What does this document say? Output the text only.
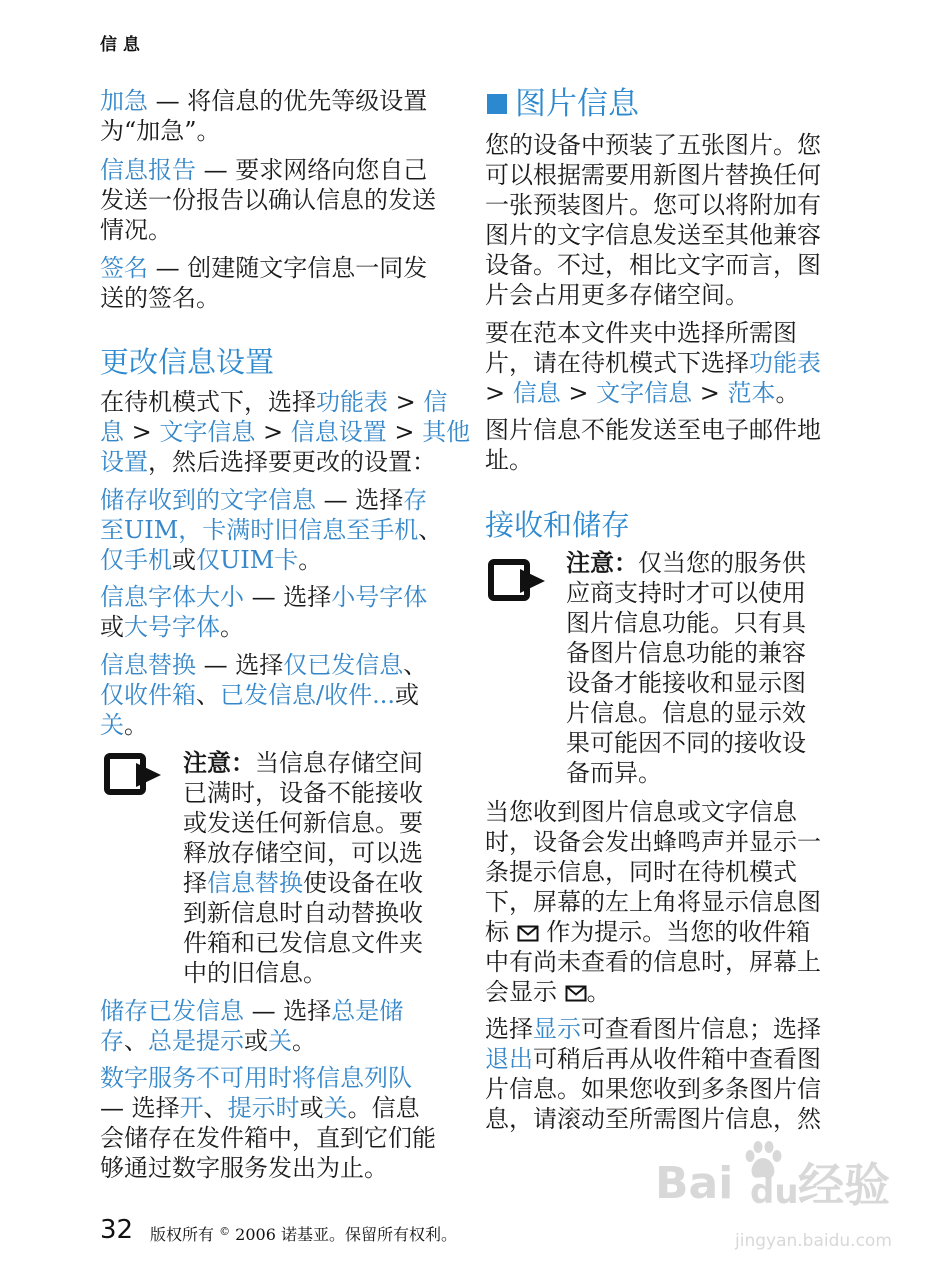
信 息
加急 — 将信息的优先等级设置
为“加急”。
信息报告 — 要求网络向您自己
发送一份报告以确认信息的发送
情况。
签名 — 创建随文字信息一同发
送的签名。
更改信息设置
在待机模式下，选择功能表 > 信
息 > 文字信息 > 信息设置 > 其他
设置，然后选择要更改的设置：
储存收到的文字信息 — 选择存
至UIM，卡满时旧信息至手机、
仅手机或仅UIM卡。
信息字体大小 — 选择小号字体
或大号字体。
信息替换 — 选择仅已发信息、
仅收件箱、已发信息/收件...或
关。
注意：当信息存储空间
已满时，设备不能接收
或发送任何新信息。要
释放存储空间，可以选
择信息替换使设备在收
到新信息时自动替换收
件箱和已发信息文件夹
中的旧信息。
储存已发信息 — 选择总是储
存、总是提示或关。
数字服务不可用时将信息列队
— 选择开、提示时或关。信息
会储存在发件箱中，直到它们能
够通过数字服务发出为止。
图片信息
您的设备中预装了五张图片。您
可以根据需要用新图片替换任何
一张预装图片。您可以将附加有
图片的文字信息发送至其他兼容
设备。不过，相比文字而言，图
片会占用更多存储空间。
要在范本文件夹中选择所需图
片，请在待机模式下选择功能表
> 信息 > 文字信息 > 范本。
图片信息不能发送至电子邮件地
址。
接收和储存
注意：仅当您的服务供
应商支持时才可以使用
图片信息功能。只有具
备图片信息功能的兼容
设备才能接收和显示图
片信息。信息的显示效
果可能因不同的接收设
备而异。
当您收到图片信息或文字信息
时，设备会发出蜂鸣声并显示一
条提示信息，同时在待机模式
下，屏幕的左上角将显示信息图
标
作为提示。当您的收件箱
中有尚未查看的信息时，屏幕上
会显示
。
选择显示可查看图片信息；选择
退出可稍后再从收件箱中查看图
片信息。如果您收到多条图片信
息，请滚动至所需图片信息，然
32 版权所有 © 2006 诺基亚。保留所有权利。
Bai du 经验
jingyan.baidu.com
